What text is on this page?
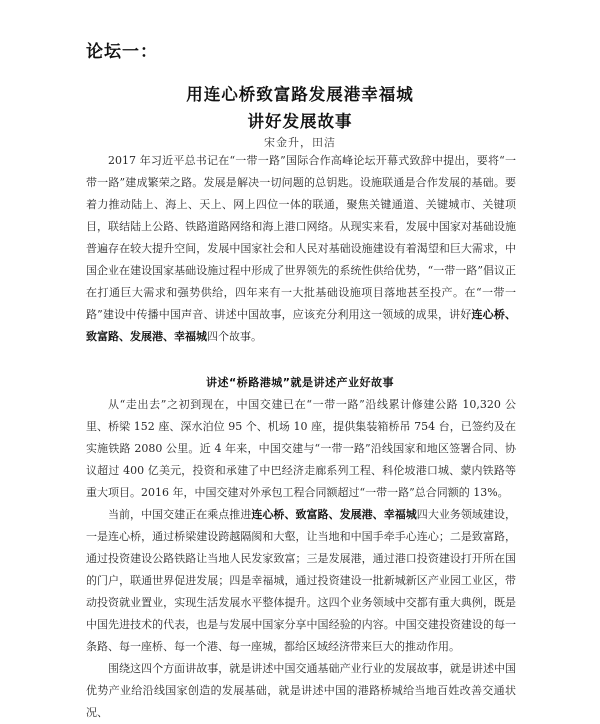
论坛一：
用连心桥致富路发展港幸福城
讲好发展故事
宋金升，田洁

2017 年习近平总书记在“一带一路”国际合作高峰论坛开幕式致辞中提出，要将“一带一路”建成繁荣之路。发展是解决一切问题的总钥匙。设施联通是合作发展的基础。要着力推动陆上、海上、天上、网上四位一体的联通，聚焦关键通道、关键城市、关键项目，联结陆上公路、铁路道路网络和海上港口网络。从现实来看，发展中国家对基础设施普遍存在较大提升空间，发展中国家社会和人民对基础设施建设有着渴望和巨大需求，中国企业在建设国家基础设施过程中形成了世界领先的系统性供给优势，“一带一路”倡议正在打通巨大需求和强势供给，四年来有一大批基础设施项目落地甚至投产。在“一带一路”建设中传播中国声音、讲述中国故事，应该充分利用这一领域的成果，讲好连心桥、致富路、发展港、幸福城四个故事。

讲述“桥路港城”就是讲述产业好故事

从“走出去”之初到现在，中国交建已在“一带一路”沿线累计修建公路 10,320 公里、桥梁 152 座、深水泊位 95 个、机场 10 座，提供集装箱桥吊 754 台，已签约及在实施铁路 2080 公里。近 4 年来，中国交建与“一带一路”沿线国家和地区签署合同、协议超过 400 亿美元，投资和承建了中巴经济走廊系列工程、科伦坡港口城、蒙内铁路等重大项目。2016 年，中国交建对外承包工程合同额超过“一带一路”总合同额的 13%。

当前，中国交建正在乘点推进连心桥、致富路、发展港、幸福城四大业务领域建设，一是连心桥，通过桥梁建设跨越隔阂和大壑，让当地和中国手牵手心连心；二是致富路，通过投资建设公路铁路让当地人民发家致富；三是发展港，通过港口投资建设打开所在国的门户，联通世界促进发展；四是幸福城，通过投资建设一批新城新区产业园工业区，带动投资就业置业，实现生活发展水平整体提升。这四个业务领域中交都有重大典例，既是中国先进技术的代表，也是与发展中国家分享中国经验的内容。中国交建投资建设的每一条路、每一座桥、每一个港、每一座城，都给区域经济带来巨大的推动作用。

围绕这四个方面讲故事，就是讲述中国交通基础产业行业的发展故事，就是讲述中国优势产业给沿线国家创造的发展基础，就是讲述中国的港路桥城给当地百姓改善交通状况、
